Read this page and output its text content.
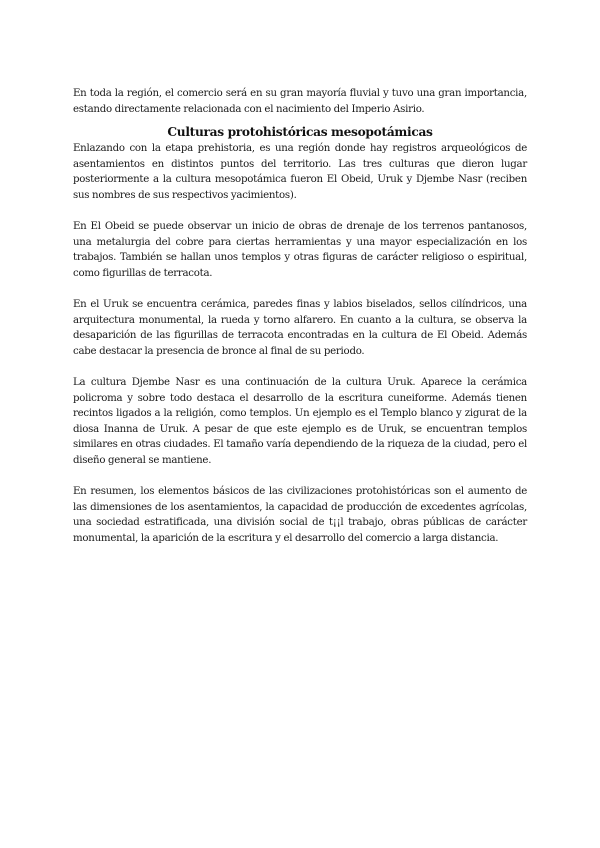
En toda la región, el comercio será en su gran mayoría fluvial y tuvo una gran importancia, estando directamente relacionada con el nacimiento del Imperio Asirio.

Culturas protohistóricas mesopotámicas

Enlazando con la etapa prehistoria, es una región donde hay registros arqueológicos de asentamientos en distintos puntos del territorio. Las tres culturas que dieron lugar posteriormente a la cultura mesopotámica fueron El Obeid, Uruk y Djembe Nasr (reciben sus nombres de sus respectivos yacimientos).

En El Obeid se puede observar un inicio de obras de drenaje de los terrenos pantanosos, una metalurgia del cobre para ciertas herramientas y una mayor especialización en los trabajos. También se hallan unos templos y otras figuras de carácter religioso o espiritual, como figurillas de terracota.

En el Uruk se encuentra cerámica, paredes finas y labios biselados, sellos cilíndricos, una arquitectura monumental, la rueda y torno alfarero. En cuanto a la cultura, se observa la desaparición de las figurillas de terracota encontradas en la cultura de El Obeid. Además cabe destacar la presencia de bronce al final de su periodo.

La cultura Djembe Nasr es una continuación de la cultura Uruk. Aparece la cerámica policroma y sobre todo destaca el desarrollo de la escritura cuneiforme. Además tienen recintos ligados a la religión, como templos. Un ejemplo es el Templo blanco y zigurat de la diosa Inanna de Uruk. A pesar de que este ejemplo es de Uruk, se encuentran templos similares en otras ciudades. El tamaño varía dependiendo de la riqueza de la ciudad, pero el diseño general se mantiene.

En resumen, los elementos básicos de las civilizaciones protohistóricas son el aumento de las dimensiones de los asentamientos, la capacidad de producción de excedentes agrícolas, una sociedad estratificada, una división social de t¡¡l trabajo, obras públicas de carácter monumental, la aparición de la escritura y el desarrollo del comercio a larga distancia.
